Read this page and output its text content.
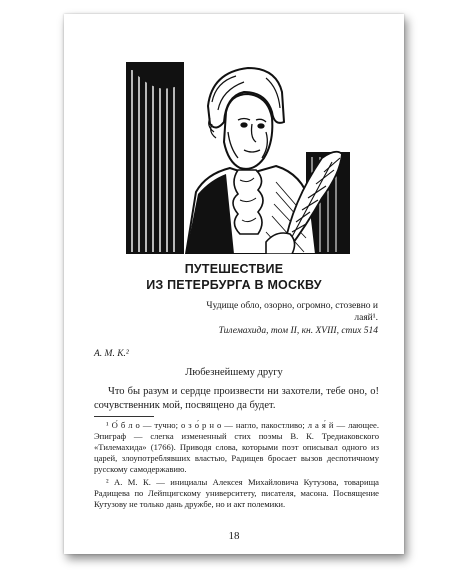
ПУТЕШЕСТВИЕ
ИЗ ПЕТЕРБУРГА В МОСКВУ
Чудище обло, озорно, огромно, стозевно и лаяй¹.
Тилемахида, том II, кн. XVIII, стих 514
А. М. К.²
Любезнейшему другу
Что бы разум и сердце произвести ни захотели, тебе оно, о! сочувственник мой, посвящено да будет.
¹ О́ б л о — тучно; о з о́ р н о — нагло, пакостливо; л а я́ й — лающее. Эпиграф — слегка измененный стих поэмы В. К. Тредиаковского «Тилемахида» (1766). Приводя слова, которыми поэт описывал одного из царей, злоупотреблявших властью, Радищев бросает вызов деспотичному русскому самодержавию.
² А. М. К. — инициалы Алексея Михайловича Кутузова, товарища Радищева по Лейпцигскому университету, писателя, масона. Посвящение Кутузову не только дань дружбе, но и акт полемики.
18
